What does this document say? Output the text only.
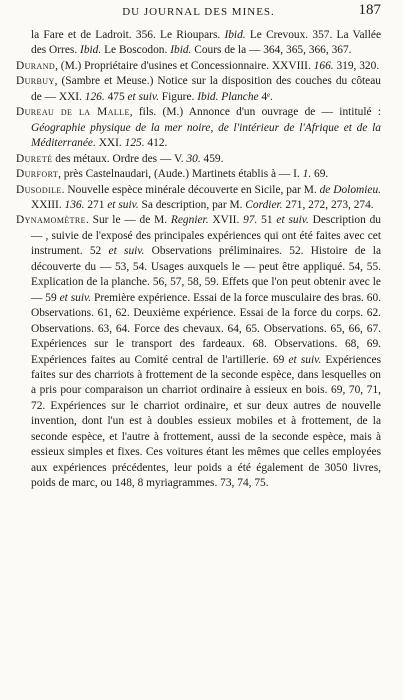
DU JOURNAL DES MINES.	187

la Fare et de Ladroit. 356. Le Rioupars. Ibid. Le Crevoux. 357. La Vallée des Orres. Ibid. Le Boscodon. Ibid. Cours de la — 364, 365, 366, 367.

Durand, (M.) Propriétaire d'usines et Concessionnaire. XXVIII. 166. 319, 320.

Durbuy, (Sambre et Meuse.) Notice sur la disposition des couches du côteau de — XXI. 126. 475 et suiv. Figure. Ibid. Planche 4ᵉ.

Dureau de la Malle, fils. (M.) Annonce d'un ouvrage de — intitulé : Géographie physique de la mer noire, de l'intérieur de l'Afrique et de la Méditerranée. XXI. 125. 412.

Dureté des métaux. Ordre des — V. 30. 459.

Durfort, près Castelnaudari, (Aude.) Martinets établis à — I. 1. 69.

Dusodile. Nouvelle espèce minérale découverte en Sicile, par M. de Dolomieu. XXIII. 136. 271 et suiv. Sa description, par M. Cordier. 271, 272, 273, 274.

Dynamomètre. Sur le — de M. Regnier. XVII. 97. 51 et suiv. Description du — , suivie de l'exposé des principales expériences qui ont été faites avec cet instrument. 52 et suiv. Observations préliminaires. 52. Histoire de la découverte du — 53, 54. Usages auxquels le — peut être appliqué. 54, 55. Explication de la planche. 56, 57, 58, 59. Effets que l'on peut obtenir avec le — 59 et suiv. Première expérience. Essai de la force musculaire des bras. 60. Observations. 61, 62. Deuxième expérience. Essai de la force du corps. 62. Observations. 63, 64. Force des chevaux. 64, 65. Observations. 65, 66, 67. Expériences sur le transport des fardeaux. 68. Observations. 68, 69. Expériences faites au Comité central de l'artillerie. 69 et suiv. Expériences faites sur des charriots à frottement de la seconde espèce, dans lesquelles on a pris pour comparaison un charriot ordinaire à essieux en bois. 69, 70, 71, 72. Expériences sur le charriot ordinaire, et sur deux autres de nouvelle invention, dont l'un est à doubles essieux mobiles et à frottement, de la seconde espèce, et l'autre à frottement, aussi de la seconde espèce, mais à essieux simples et fixes. Ces voitures étant les mêmes que celles employées aux expériences précédentes, leur poids a été également de 3050 livres, poids de marc, ou 148, 8 myriagrammes. 73, 74, 75.
